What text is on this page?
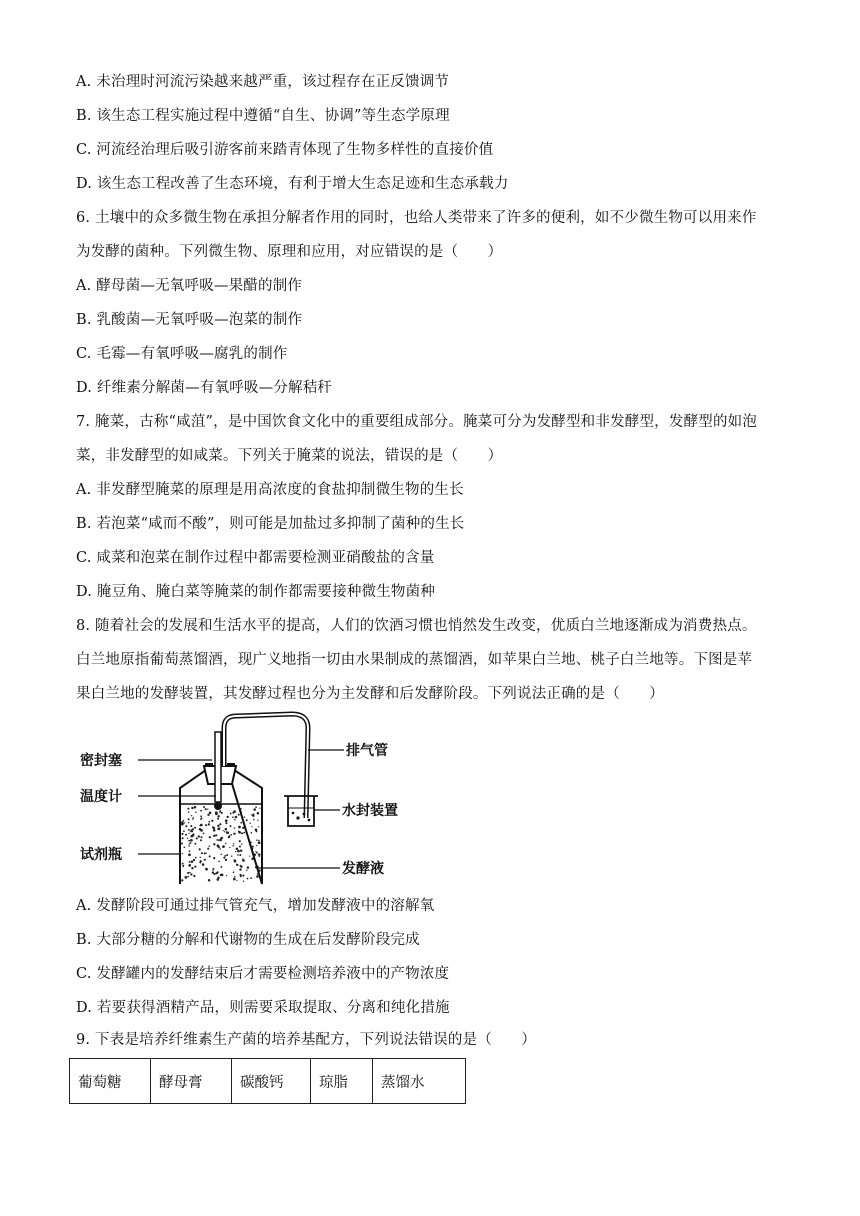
A. 未治理时河流污染越来越严重，该过程存在正反馈调节
B. 该生态工程实施过程中遵循“自生、协调”等生态学原理
C. 河流经治理后吸引游客前来踏青体现了生物多样性的直接价值
D. 该生态工程改善了生态环境，有利于增大生态足迹和生态承载力
6. 土壤中的众多微生物在承担分解者作用的同时，也给人类带来了许多的便利，如不少微生物可以用来作
为发酵的菌种。下列微生物、原理和应用，对应错误的是（　　）
A. 酵母菌—无氧呼吸—果醋的制作
B. 乳酸菌—无氧呼吸—泡菜的制作
C. 毛霉—有氧呼吸—腐乳的制作
D. 纤维素分解菌—有氧呼吸—分解秸秆
7. 腌菜，古称“咸菹”，是中国饮食文化中的重要组成部分。腌菜可分为发酵型和非发酵型，发酵型的如泡
菜，非发酵型的如咸菜。下列关于腌菜的说法，错误的是（　　）
A. 非发酵型腌菜的原理是用高浓度的食盐抑制微生物的生长
B. 若泡菜“咸而不酸”，则可能是加盐过多抑制了菌种的生长
C. 咸菜和泡菜在制作过程中都需要检测亚硝酸盐的含量
D. 腌豆角、腌白菜等腌菜的制作都需要接种微生物菌种
8. 随着社会的发展和生活水平的提高，人们的饮酒习惯也悄然发生改变，优质白兰地逐渐成为消费热点。
白兰地原指葡萄蒸馏酒，现广义地指一切由水果制成的蒸馏酒，如苹果白兰地、桃子白兰地等。下图是苹
果白兰地的发酵装置，其发酵过程也分为主发酵和后发酵阶段。下列说法正确的是（　　）
密封塞
温度计
试剂瓶
排气管
水封装置
发酵液
A. 发酵阶段可通过排气管充气，增加发酵液中的溶解氧
B. 大部分糖的分解和代谢物的生成在后发酵阶段完成
C. 发酵罐内的发酵结束后才需要检测培养液中的产物浓度
D. 若要获得酒精产品，则需要采取提取、分离和纯化措施
9. 下表是培养纤维素生产菌的培养基配方，下列说法错误的是（　　）
葡萄糖	酵母膏	碳酸钙	琼脂	蒸馏水
